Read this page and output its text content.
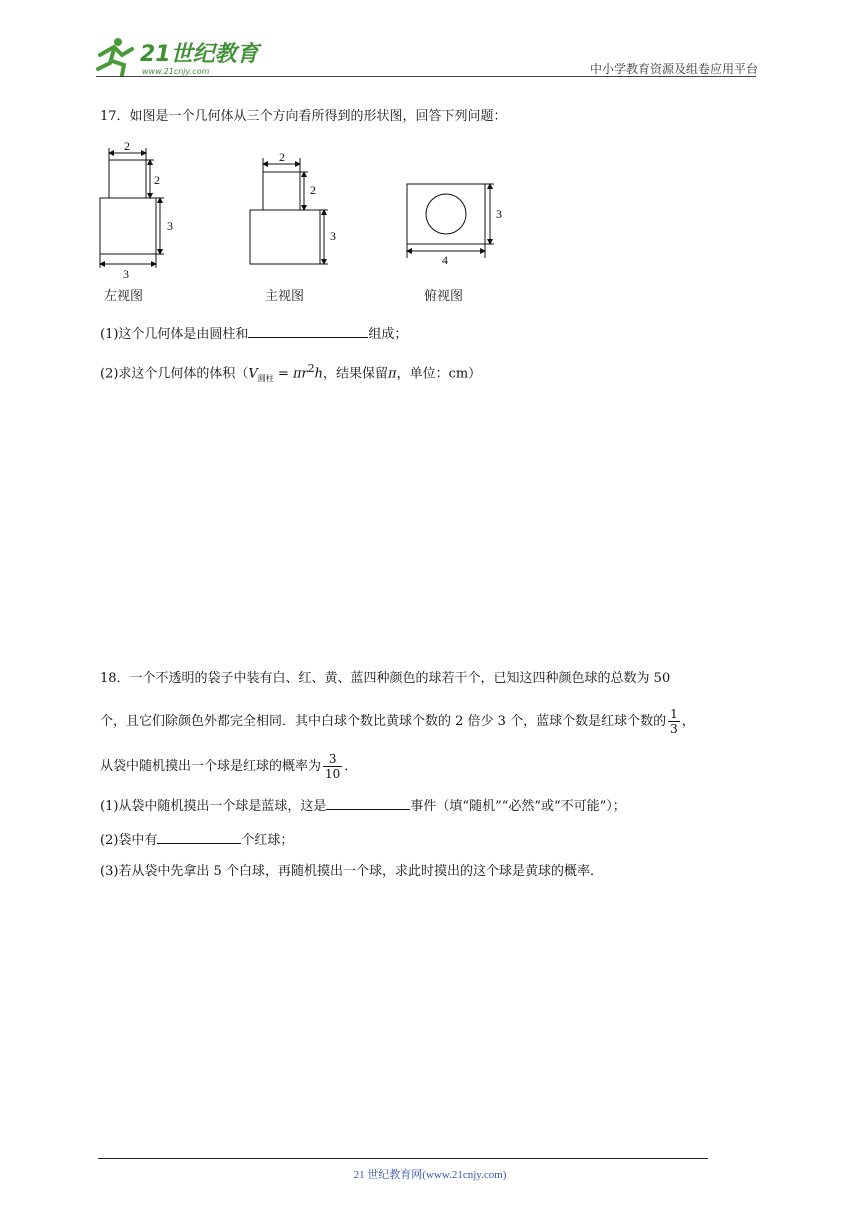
21世纪教育
www.21cnjy.com	中小学教育资源及组卷应用平台
17．如图是一个几何体从三个方向看所得到的形状图，回答下列问题：
2
2
3
3
2
2
3
3
4
左视图	主视图	俯视图
(1)这个几何体是由圆柱和	组成；
(2)求这个几何体的体积（$V_{圆柱} = \pi r^2h$，结果保留π，单位：cm）
18．一个不透明的袋子中装有白、红、黄、蓝四种颜色的球若干个，已知这四种颜色球的总数为 50
个，且它们除颜色外都完全相同．其中白球个数比黄球个数的 2 倍少 3 个，蓝球个数是红球个数的 $\frac{1}{3}$ ，
从袋中随机摸出一个球是红球的概率为 $\frac{3}{10}$ ．
(1)从袋中随机摸出一个球是蓝球，这是	事件（填“随机”“必然”或“不可能”）；
(2)袋中有	个红球；
(3)若从袋中先拿出 5 个白球，再随机摸出一个球，求此时摸出的这个球是黄球的概率．
21 世纪教育网(www.21cnjy.com)
